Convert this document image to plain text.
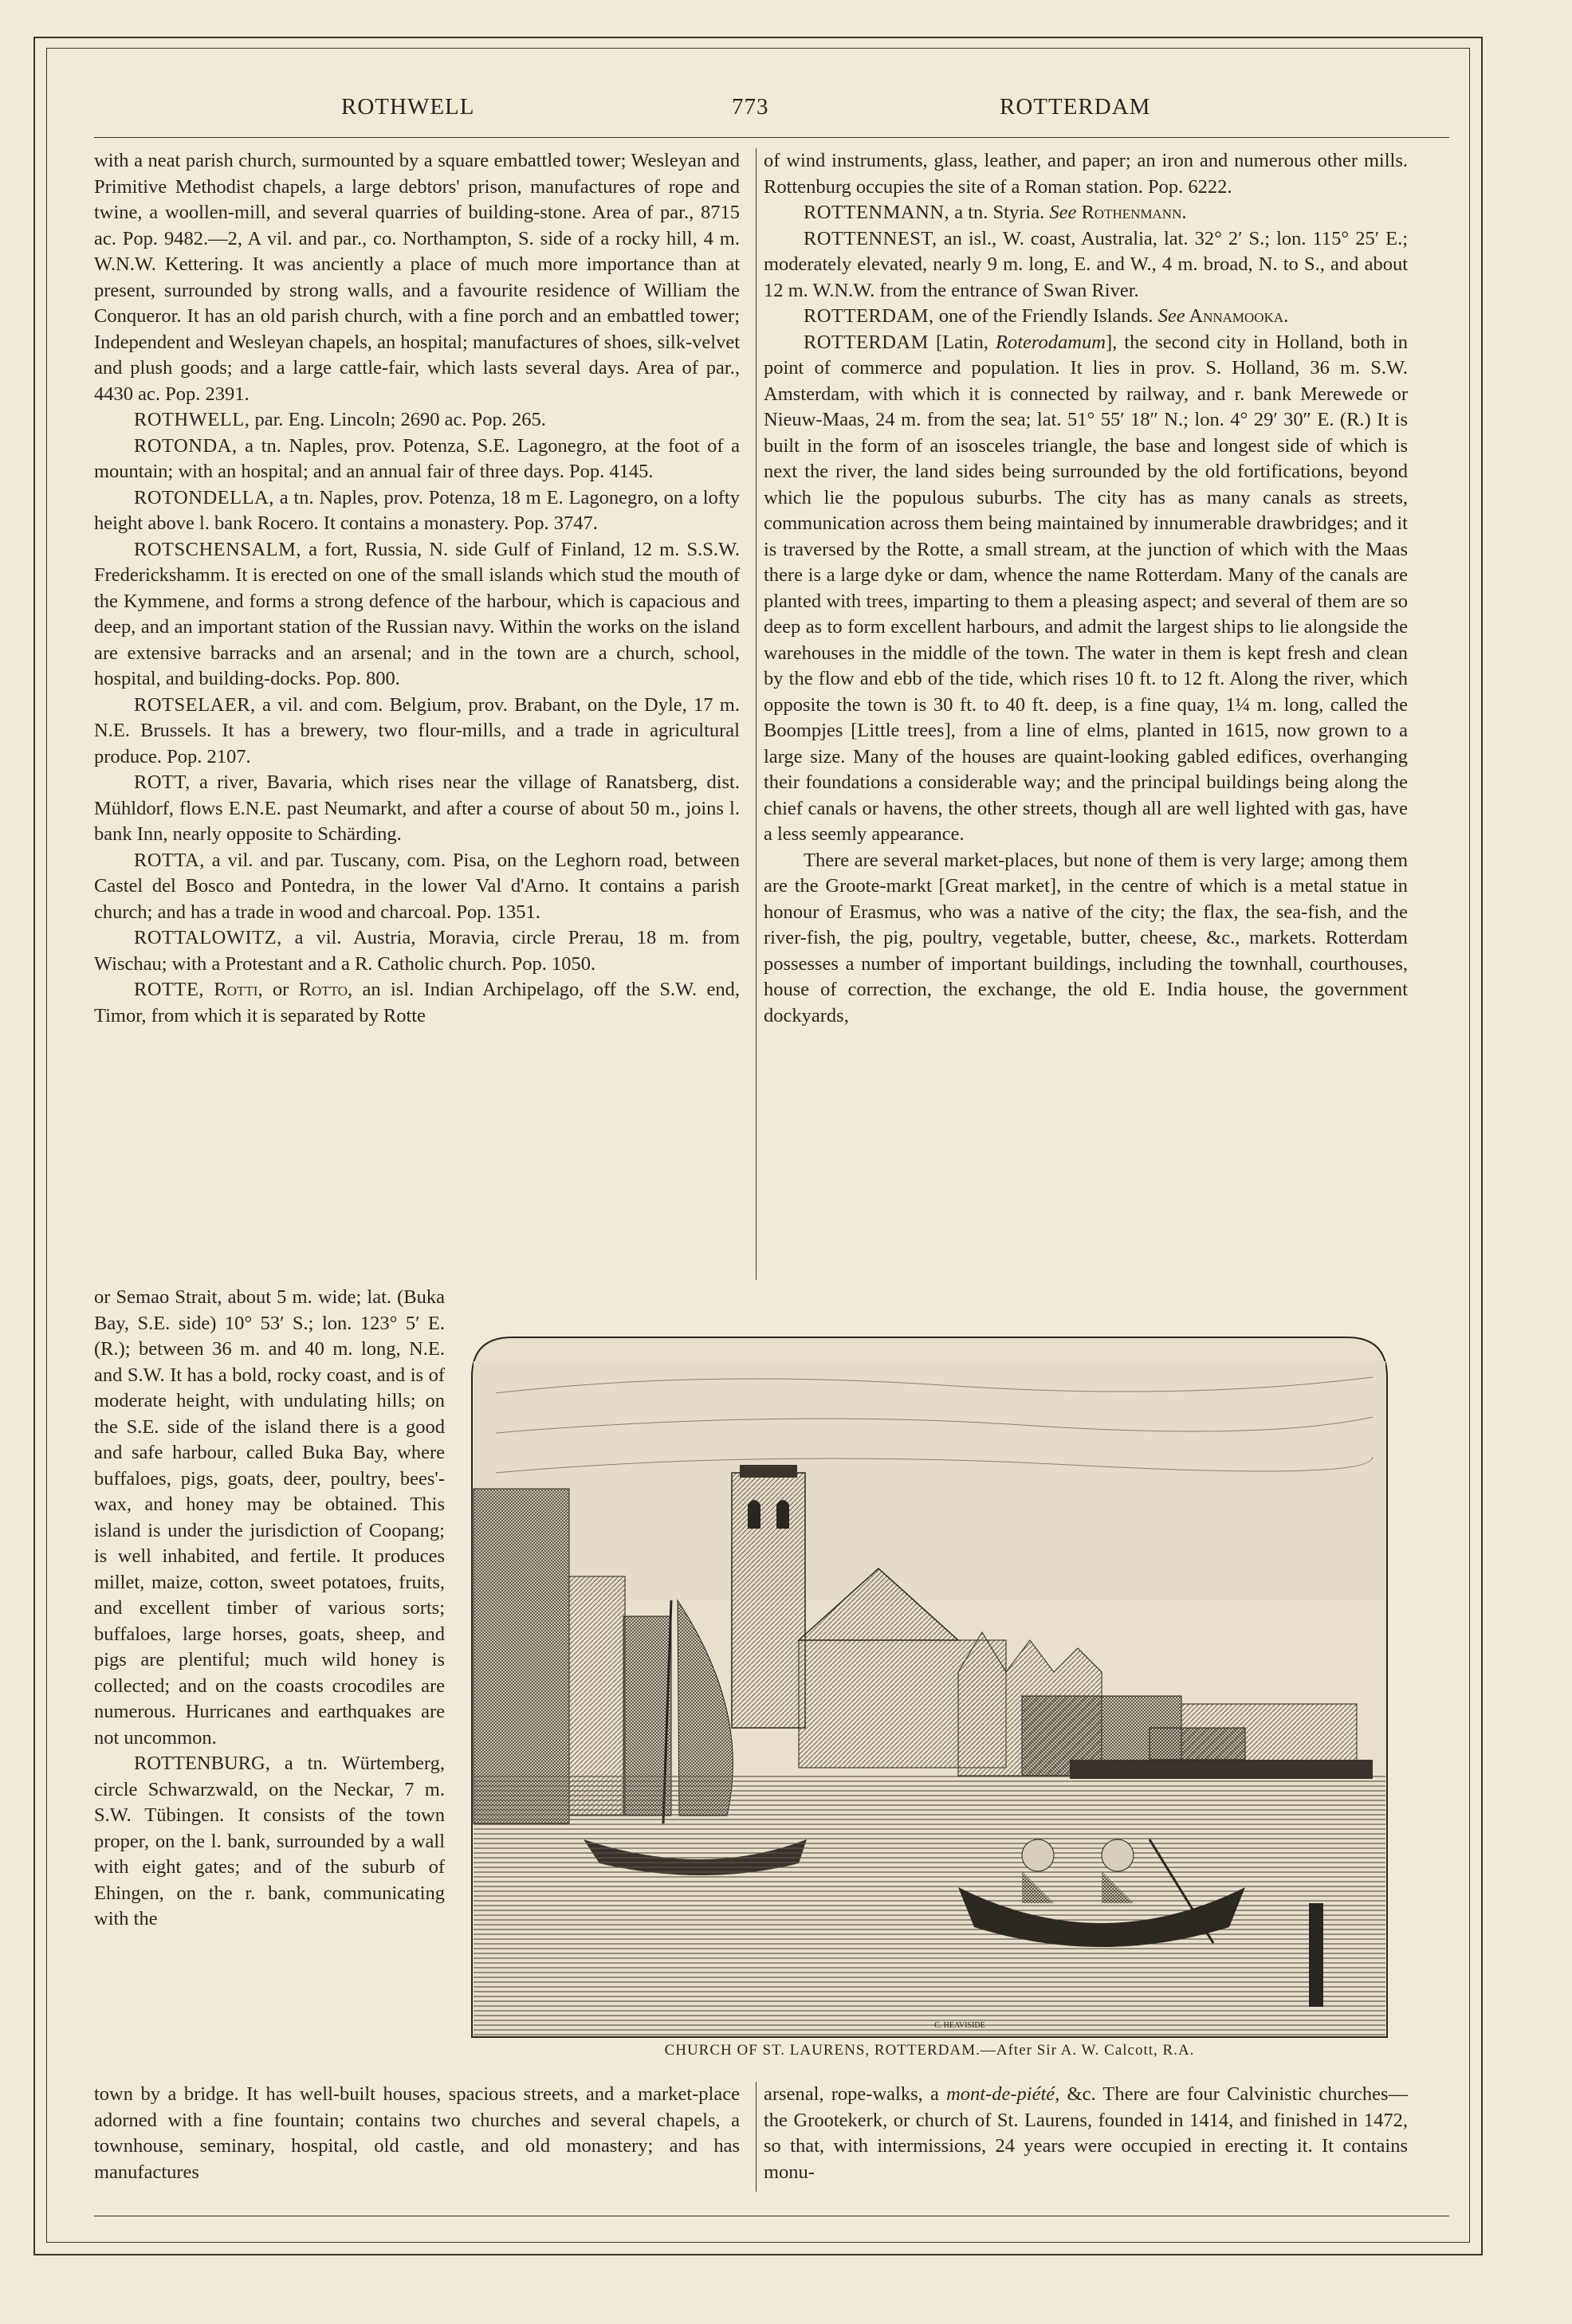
ROTHWELL	773	ROTTERDAM

with a neat parish church, surmounted by a square embattled tower; Wesleyan and Primitive Methodist chapels, a large debtors' prison, manufactures of rope and twine, a woollen-mill, and several quarries of building-stone. Area of par., 8715 ac. Pop. 9482.—2, A vil. and par., co. Northampton, S. side of a rocky hill, 4 m. W.N.W. Kettering. It was anciently a place of much more importance than at present, surrounded by strong walls, and a favourite residence of William the Conqueror. It has an old parish church, with a fine porch and an embattled tower; Independent and Wesleyan chapels, an hospital; manufactures of shoes, silk-velvet and plush goods; and a large cattle-fair, which lasts several days. Area of par., 4430 ac. Pop. 2391.

ROTHWELL, par. Eng. Lincoln; 2690 ac. Pop. 265.

ROTONDA, a tn. Naples, prov. Potenza, S.E. Lagonegro, at the foot of a mountain; with an hospital; and an annual fair of three days. Pop. 4145.

ROTONDELLA, a tn. Naples, prov. Potenza, 18 m E. Lagonegro, on a lofty height above l. bank Rocero. It contains a monastery. Pop. 3747.

ROTSCHENSALM, a fort, Russia, N. side Gulf of Finland, 12 m. S.S.W. Frederickshamm. It is erected on one of the small islands which stud the mouth of the Kymmene, and forms a strong defence of the harbour, which is capacious and deep, and an important station of the Russian navy. Within the works on the island are extensive barracks and an arsenal; and in the town are a church, school, hospital, and building-docks. Pop. 800.

ROTSELAER, a vil. and com. Belgium, prov. Brabant, on the Dyle, 17 m. N.E. Brussels. It has a brewery, two flour-mills, and a trade in agricultural produce. Pop. 2107.

ROTT, a river, Bavaria, which rises near the village of Ranatsberg, dist. Mühldorf, flows E.N.E. past Neumarkt, and after a course of about 50 m., joins l. bank Inn, nearly opposite to Schärding.

ROTTA, a vil. and par. Tuscany, com. Pisa, on the Leghorn road, between Castel del Bosco and Pontedra, in the lower Val d'Arno. It contains a parish church; and has a trade in wood and charcoal. Pop. 1351.

ROTTALOWITZ, a vil. Austria, Moravia, circle Prerau, 18 m. from Wischau; with a Protestant and a R. Catholic church. Pop. 1050.

ROTTE, Rotti, or Rotto, an isl. Indian Archipelago, off the S.W. end, Timor, from which it is separated by Rotte

or Semao Strait, about 5 m. wide; lat. (Buka Bay, S.E. side) 10° 53′ S.; lon. 123° 5′ E. (R.); between 36 m. and 40 m. long, N.E. and S.W. It has a bold, rocky coast, and is of moderate height, with undulating hills; on the S.E. side of the island there is a good and safe harbour, called Buka Bay, where buffaloes, pigs, goats, deer, poultry, bees'-wax, and honey may be obtained. This island is under the jurisdiction of Coopang; is well inhabited, and fertile. It produces millet, maize, cotton, sweet potatoes, fruits, and excellent timber of various sorts; buffaloes, large horses, goats, sheep, and pigs are plentiful; much wild honey is collected; and on the coasts crocodiles are numerous. Hurricanes and earthquakes are not uncommon.

ROTTENBURG, a tn. Würtemberg, circle Schwarzwald, on the Neckar, 7 m. S.W. Tübingen. It consists of the town proper, on the l. bank, surrounded by a wall with eight gates; and of the suburb of Ehingen, on the r. bank, communicating with the

of wind instruments, glass, leather, and paper; an iron and numerous other mills. Rottenburg occupies the site of a Roman station. Pop. 6222.

ROTTENMANN, a tn. Styria. See Rothenmann.

ROTTENNEST, an isl., W. coast, Australia, lat. 32° 2′ S.; lon. 115° 25′ E.; moderately elevated, nearly 9 m. long, E. and W., 4 m. broad, N. to S., and about 12 m. W.N.W. from the entrance of Swan River.

ROTTERDAM, one of the Friendly Islands. See Annamooka.

ROTTERDAM [Latin, Roterodamum], the second city in Holland, both in point of commerce and population. It lies in prov. S. Holland, 36 m. S.W. Amsterdam, with which it is connected by railway, and r. bank Merewede or Nieuw-Maas, 24 m. from the sea; lat. 51° 55′ 18″ N.; lon. 4° 29′ 30″ E. (R.) It is built in the form of an isosceles triangle, the base and longest side of which is next the river, the land sides being surrounded by the old fortifications, beyond which lie the populous suburbs. The city has as many canals as streets, communication across them being maintained by innumerable drawbridges; and it is traversed by the Rotte, a small stream, at the junction of which with the Maas there is a large dyke or dam, whence the name Rotterdam. Many of the canals are planted with trees, imparting to them a pleasing aspect; and several of them are so deep as to form excellent harbours, and admit the largest ships to lie alongside the warehouses in the middle of the town. The water in them is kept fresh and clean by the flow and ebb of the tide, which rises 10 ft. to 12 ft. Along the river, which opposite the town is 30 ft. to 40 ft. deep, is a fine quay, 1¼ m. long, called the Boompjes [Little trees], from a line of elms, planted in 1615, now grown to a large size. Many of the houses are quaint-looking gabled edifices, overhanging their foundations a considerable way; and the principal buildings being along the chief canals or havens, the other streets, though all are well lighted with gas, have a less seemly appearance.

There are several market-places, but none of them is very large; among them are the Groote-markt [Great market], in the centre of which is a metal statue in honour of Erasmus, who was a native of the city; the flax, the sea-fish, and the river-fish, the pig, poultry, vegetable, butter, cheese, &c., markets. Rotterdam possesses a number of important buildings, including the townhall, courthouses, house of correction, the exchange, the old E. India house, the government dockyards,

C. HEAVISIDE
CHURCH OF ST. LAURENS, ROTTERDAM.—After Sir A. W. Calcott, R.A.

town by a bridge. It has well-built houses, spacious streets, and a market-place adorned with a fine fountain; contains two churches and several chapels, a townhouse, seminary, hospital, old castle, and old monastery; and has manufactures

arsenal, rope-walks, a mont-de-piété, &c. There are four Calvinistic churches—the Grootekerk, or church of St. Laurens, founded in 1414, and finished in 1472, so that, with intermissions, 24 years were occupied in erecting it. It contains monu-
